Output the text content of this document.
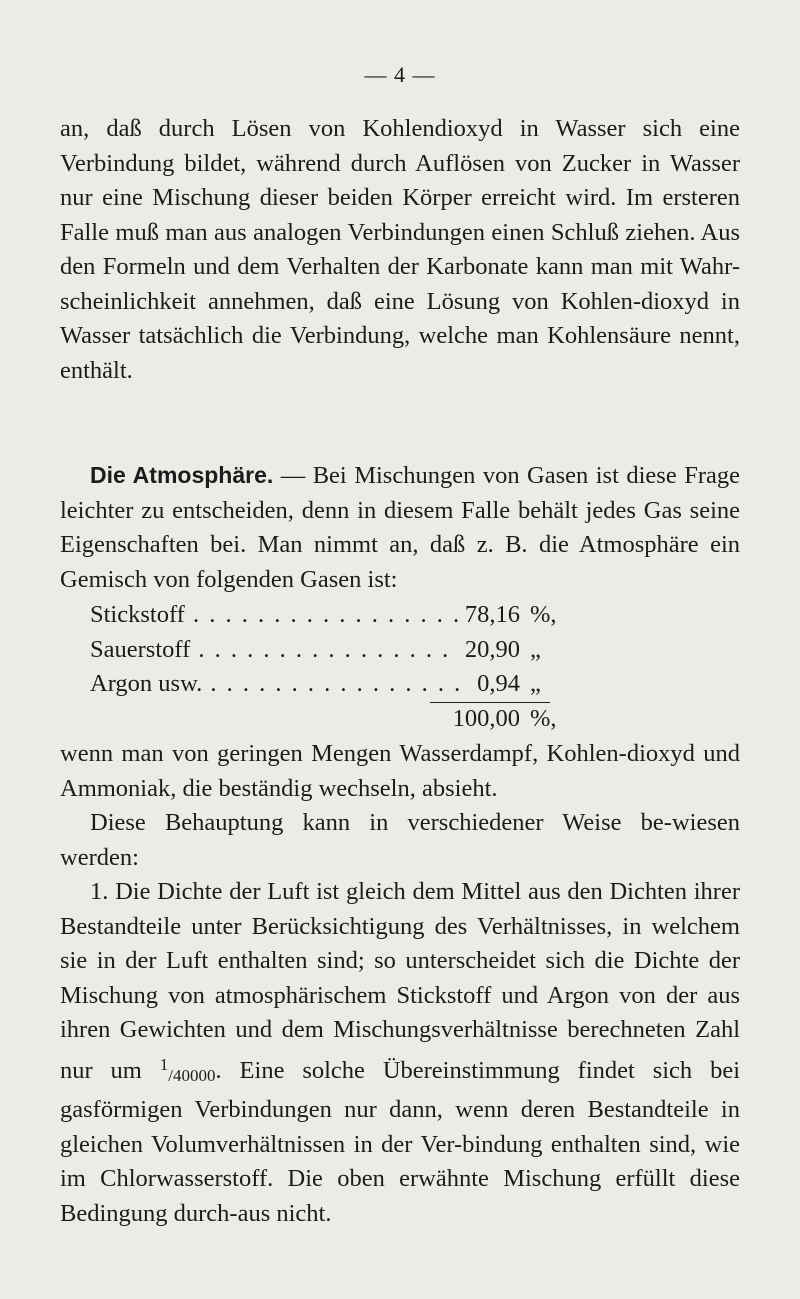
— 4 —
an, daß durch Lösen von Kohlendioxyd in Wasser sich eine Verbindung bildet, während durch Auflösen von Zucker in Wasser nur eine Mischung dieser beiden Körper erreicht wird. Im ersteren Falle muß man aus analogen Verbindungen einen Schluß ziehen. Aus den Formeln und dem Verhalten der Karbonate kann man mit Wahr-scheinlichkeit annehmen, daß eine Lösung von Kohlen-dioxyd in Wasser tatsächlich die Verbindung, welche man Kohlensäure nennt, enthält.
Die Atmosphäre. — Bei Mischungen von Gasen ist diese Frage leichter zu entscheiden, denn in diesem Falle behält jedes Gas seine Eigenschaften bei. Man nimmt an, daß z. B. die Atmosphäre ein Gemisch von folgenden Gasen ist:
Stickstoff . . .	78,16 %,
Sauerstoff . . .	20,90 „
Argon usw. . . .	0,94 „
100,00 %,
wenn man von geringen Mengen Wasserdampf, Kohlen-dioxyd und Ammoniak, die beständig wechseln, absieht.
Diese Behauptung kann in verschiedener Weise be-wiesen werden:
1. Die Dichte der Luft ist gleich dem Mittel aus den Dichten ihrer Bestandteile unter Berücksichtigung des Verhältnisses, in welchem sie in der Luft enthalten sind; so unterscheidet sich die Dichte der Mischung von atmosphärischem Stickstoff und Argon von der aus ihren Gewichten und dem Mischungsverhältnisse berechneten Zahl nur um 1/40000. Eine solche Übereinstimmung findet sich bei gasförmigen Verbindungen nur dann, wenn deren Bestandteile in gleichen Volumverhältnissen in der Ver-bindung enthalten sind, wie im Chlorwasserstoff. Die oben erwähnte Mischung erfüllt diese Bedingung durch-aus nicht.
